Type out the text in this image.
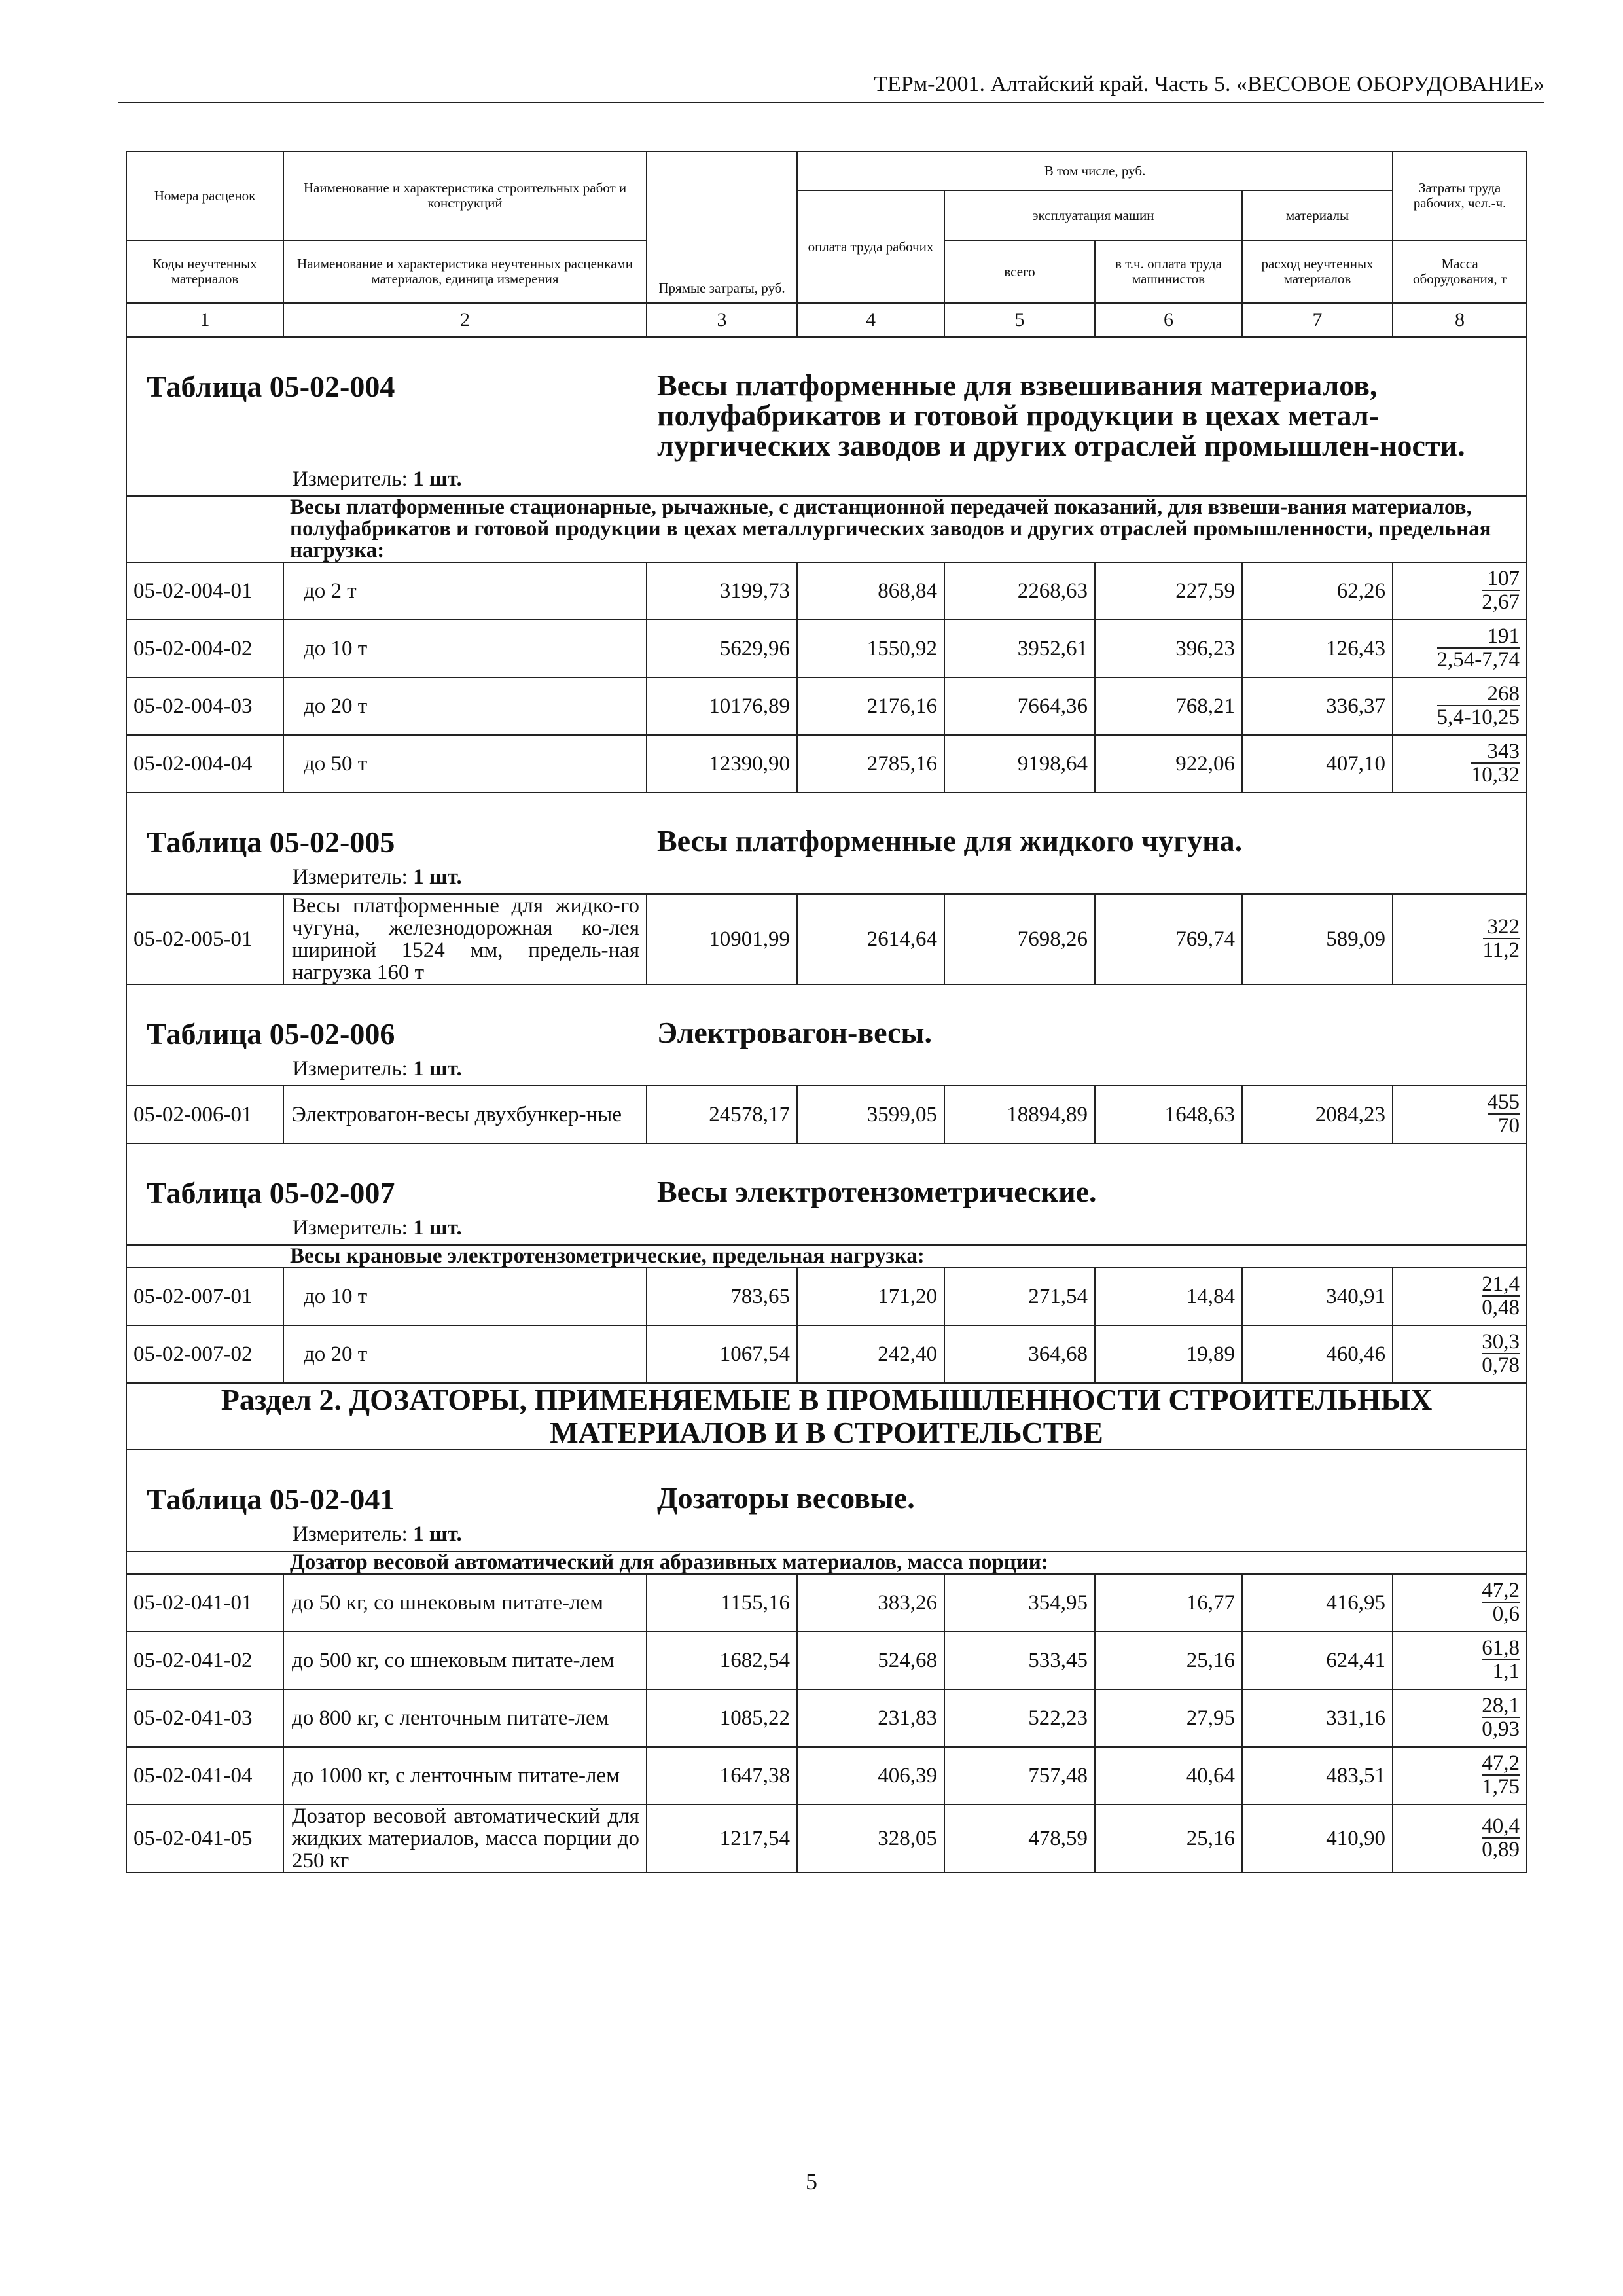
ТЕРм-2001. Алтайский край. Часть 5. «ВЕСОВОЕ ОБОРУДОВАНИЕ»
Номера расценок	Наименование и характеристика строительных работ и конструкций	Прямые затраты, руб.	В том числе, руб.				Затраты труда рабочих, чел.-ч.
			оплата труда рабочих	эксплуатация машин		материалы	
Коды неучтенных материалов	Наименование и характеристика неучтенных расценками материалов, единица измерения			всего	в т.ч. оплата труда машинистов	расход неучтенных материалов	Масса оборудования, т
1	2	3	4	5	6	7	8

Таблица 05-02-004 Весы платформенные для взвешивания материалов, полуфабрикатов и готовой продукции в цехах метал-лургических заводов и других отраслей промышлен-ности.
Измеритель: 1 шт.							

	Весы платформенные стационарные, рычажные, с дистанционной передачей показаний, для взвеши-вания материалов, полуфабрикатов и готовой продукции в цехах металлургических заводов и других отраслей промышленности, предельная нагрузка:						
05-02-004-01	до 2 т	3199,73	868,84	2268,63	227,59	62,26	$\frac{107}{2,67}$

05-02-004-02	до 10 т	5629,96	1550,92	3952,61	396,23	126,43	$\frac{191}{2,54-7,74}$

05-02-004-03	до 20 т	10176,89	2176,16	7664,36	768,21	336,37	$\frac{268}{5,4-10,25}$

05-02-004-04	до 50 т	12390,90	2785,16	9198,64	922,06	407,10	$\frac{343}{10,32}$

Таблица 05-02-005 Весы платформенные для жидкого чугуна.
Измеритель: 1 шт.							

05-02-005-01	Весы платформенные для жидко-го чугуна, железнодорожная ко-лея шириной 1524 мм, предель-ная нагрузка 160 т	10901,99	2614,64	7698,26	769,74	589,09	$\frac{322}{11,2}$

Таблица 05-02-006 Электровагон-весы.
Измеритель: 1 шт.							

05-02-006-01	Электровагон-весы двухбункер-ные	24578,17	3599,05	18894,89	1648,63	2084,23	$\frac{455}{70}$

Таблица 05-02-007 Весы электротензометрические.
Измеритель: 1 шт.							

	Весы крановые электротензометрические, предельная нагрузка:						
05-02-007-01	до 10 т	783,65	171,20	271,54	14,84	340,91	$\frac{21,4}{0,48}$

05-02-007-02	до 20 т	1067,54	242,40	364,68	19,89	460,46	$\frac{30,3}{0,78}$

Раздел 2. ДОЗАТОРЫ, ПРИМЕНЯЕМЫЕ В ПРОМЫШЛЕННОСТИ СТРОИТЕЛЬНЫХ МАТЕРИАЛОВ И В СТРОИТЕЛЬСТВЕ							

Таблица 05-02-041 Дозаторы весовые.
Измеритель: 1 шт.							

	Дозатор весовой автоматический для абразивных материалов, масса порции:						
05-02-041-01	до 50 кг, со шнековым питате-лем	1155,16	383,26	354,95	16,77	416,95	$\frac{47,2}{0,6}$

05-02-041-02	до 500 кг, со шнековым питате-лем	1682,54	524,68	533,45	25,16	624,41	$\frac{61,8}{1,1}$

05-02-041-03	до 800 кг, с ленточным питате-лем	1085,22	231,83	522,23	27,95	331,16	$\frac{28,1}{0,93}$

05-02-041-04	до 1000 кг, с ленточным питате-лем	1647,38	406,39	757,48	40,64	483,51	$\frac{47,2}{1,75}$

05-02-041-05	Дозатор весовой автоматический для жидких материалов, масса порции до 250 кг	1217,54	328,05	478,59	25,16	410,90	$\frac{40,4}{0,89}$
5
